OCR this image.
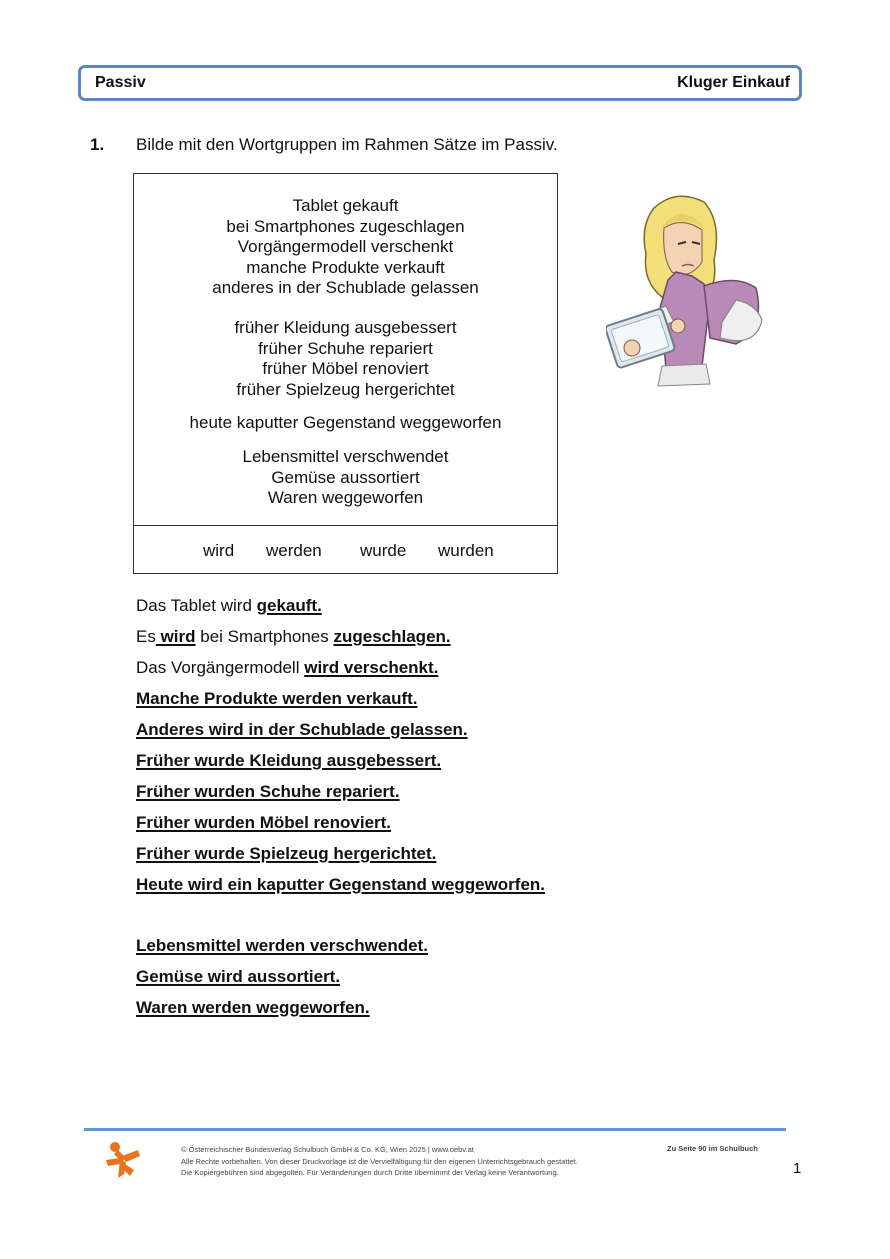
Passiv	Kluger Einkauf
1. Bilde mit den Wortgruppen im Rahmen Sätze im Passiv.
Tablet gekauft
bei Smartphones zugeschlagen
Vorgängermodell verschenkt
manche Produkte verkauft
anderes in der Schublade gelassen
früher Kleidung ausgebessert
früher Schuhe repariert
früher Möbel renoviert
früher Spielzeug hergerichtet
heute kaputter Gegenstand weggeworfen
Lebensmittel verschwendet
Gemüse aussortiert
Waren weggeworfen
wird werden wurde wurden
Das Tablet wird gekauft.
Es wird bei Smartphones zugeschlagen.
Das Vorgängermodell wird verschenkt.
Manche Produkte werden verkauft.
Anderes wird in der Schublade gelassen.
Früher wurde Kleidung ausgebessert.
Früher wurden Schuhe repariert.
Früher wurden Möbel renoviert.
Früher wurde Spielzeug hergerichtet.
Heute wird ein kaputter Gegenstand weggeworfen.
Lebensmittel werden verschwendet.
Gemüse wird aussortiert.
Waren werden weggeworfen.
© Österreichischer Bundesverlag Schulbuch GmbH & Co. KG, Wien 2025 | www.oebv.at
Alle Rechte vorbehalten. Von dieser Druckvorlage ist die Vervielfältigung für den eigenen Unterrichtsgebrauch gestattet.
Die Kopiergebühren sind abgegolten. Für Veränderungen durch Dritte übernimmt der Verlag keine Verantwortung.
Zu Seite 90 im Schulbuch
1
